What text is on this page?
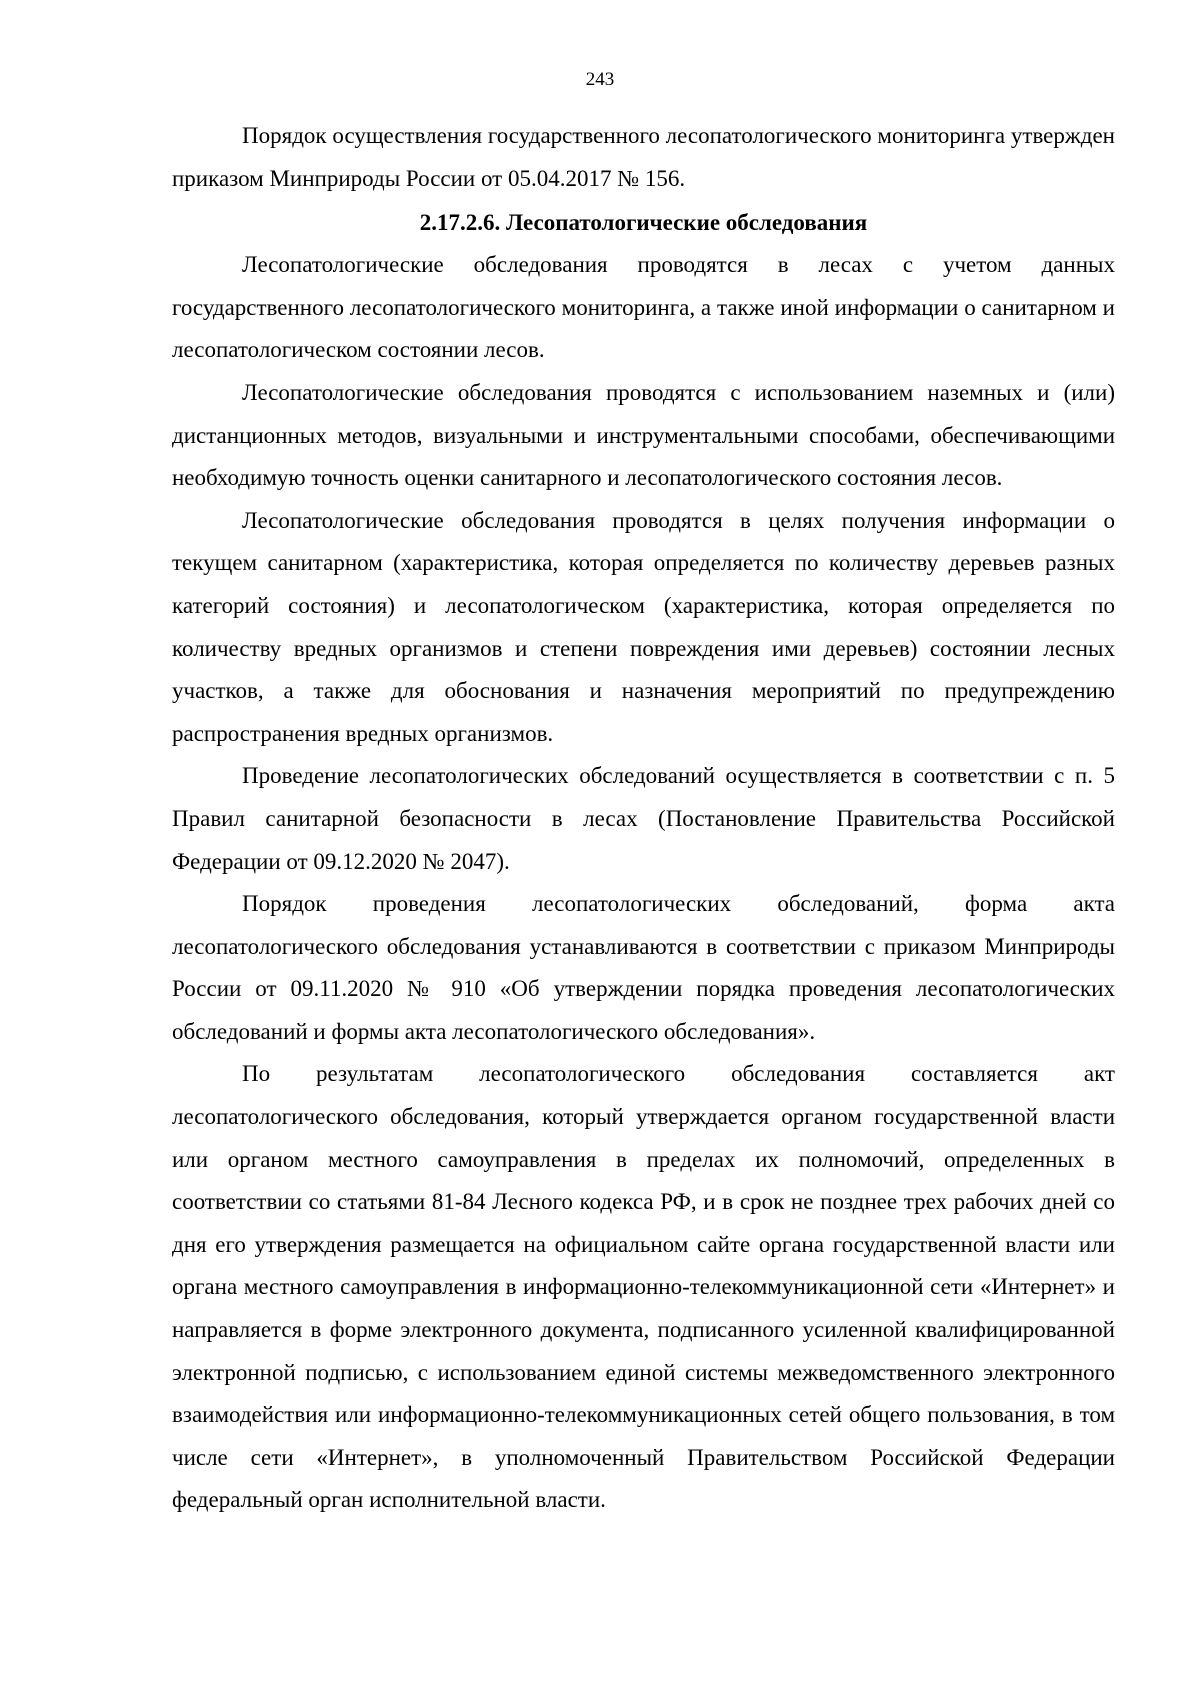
243

Порядок осуществления государственного лесопатологического мониторинга утвержден приказом Минприроды России от 05.04.2017 № 156.

2.17.2.6. Лесопатологические обследования

Лесопатологические обследования проводятся в лесах с учетом данных государственного лесопатологического мониторинга, а также иной информации о санитарном и лесопатологическом состоянии лесов.

Лесопатологические обследования проводятся с использованием наземных и (или) дистанционных методов, визуальными и инструментальными способами, обеспечивающими необходимую точность оценки санитарного и лесопатологического состояния лесов.

Лесопатологические обследования проводятся в целях получения информации о текущем санитарном (характеристика, которая определяется по количеству деревьев разных категорий состояния) и лесопатологическом (характеристика, которая определяется по количеству вредных организмов и степени повреждения ими деревьев) состоянии лесных участков, а также для обоснования и назначения мероприятий по предупреждению распространения вредных организмов.

Проведение лесопатологических обследований осуществляется в соответствии с п. 5 Правил санитарной безопасности в лесах (Постановление Правительства Российской Федерации от 09.12.2020 № 2047).

Порядок проведения лесопатологических обследований, форма акта лесопатологического обследования устанавливаются в соответствии с приказом Минприроды России от 09.11.2020 № 910 «Об утверждении порядка проведения лесопатологических обследований и формы акта лесопатологического обследования».

По результатам лесопатологического обследования составляется акт лесопатологического обследования, который утверждается органом государственной власти или органом местного самоуправления в пределах их полномочий, определенных в соответствии со статьями 81-84 Лесного кодекса РФ, и в срок не позднее трех рабочих дней со дня его утверждения размещается на официальном сайте органа государственной власти или органа местного самоуправления в информационно-телекоммуникационной сети «Интернет» и направляется в форме электронного документа, подписанного усиленной квалифицированной электронной подписью, с использованием единой системы межведомственного электронного взаимодействия или информационно-телекоммуникационных сетей общего пользования, в том числе сети «Интернет», в уполномоченный Правительством Российской Федерации федеральный орган исполнительной власти.
